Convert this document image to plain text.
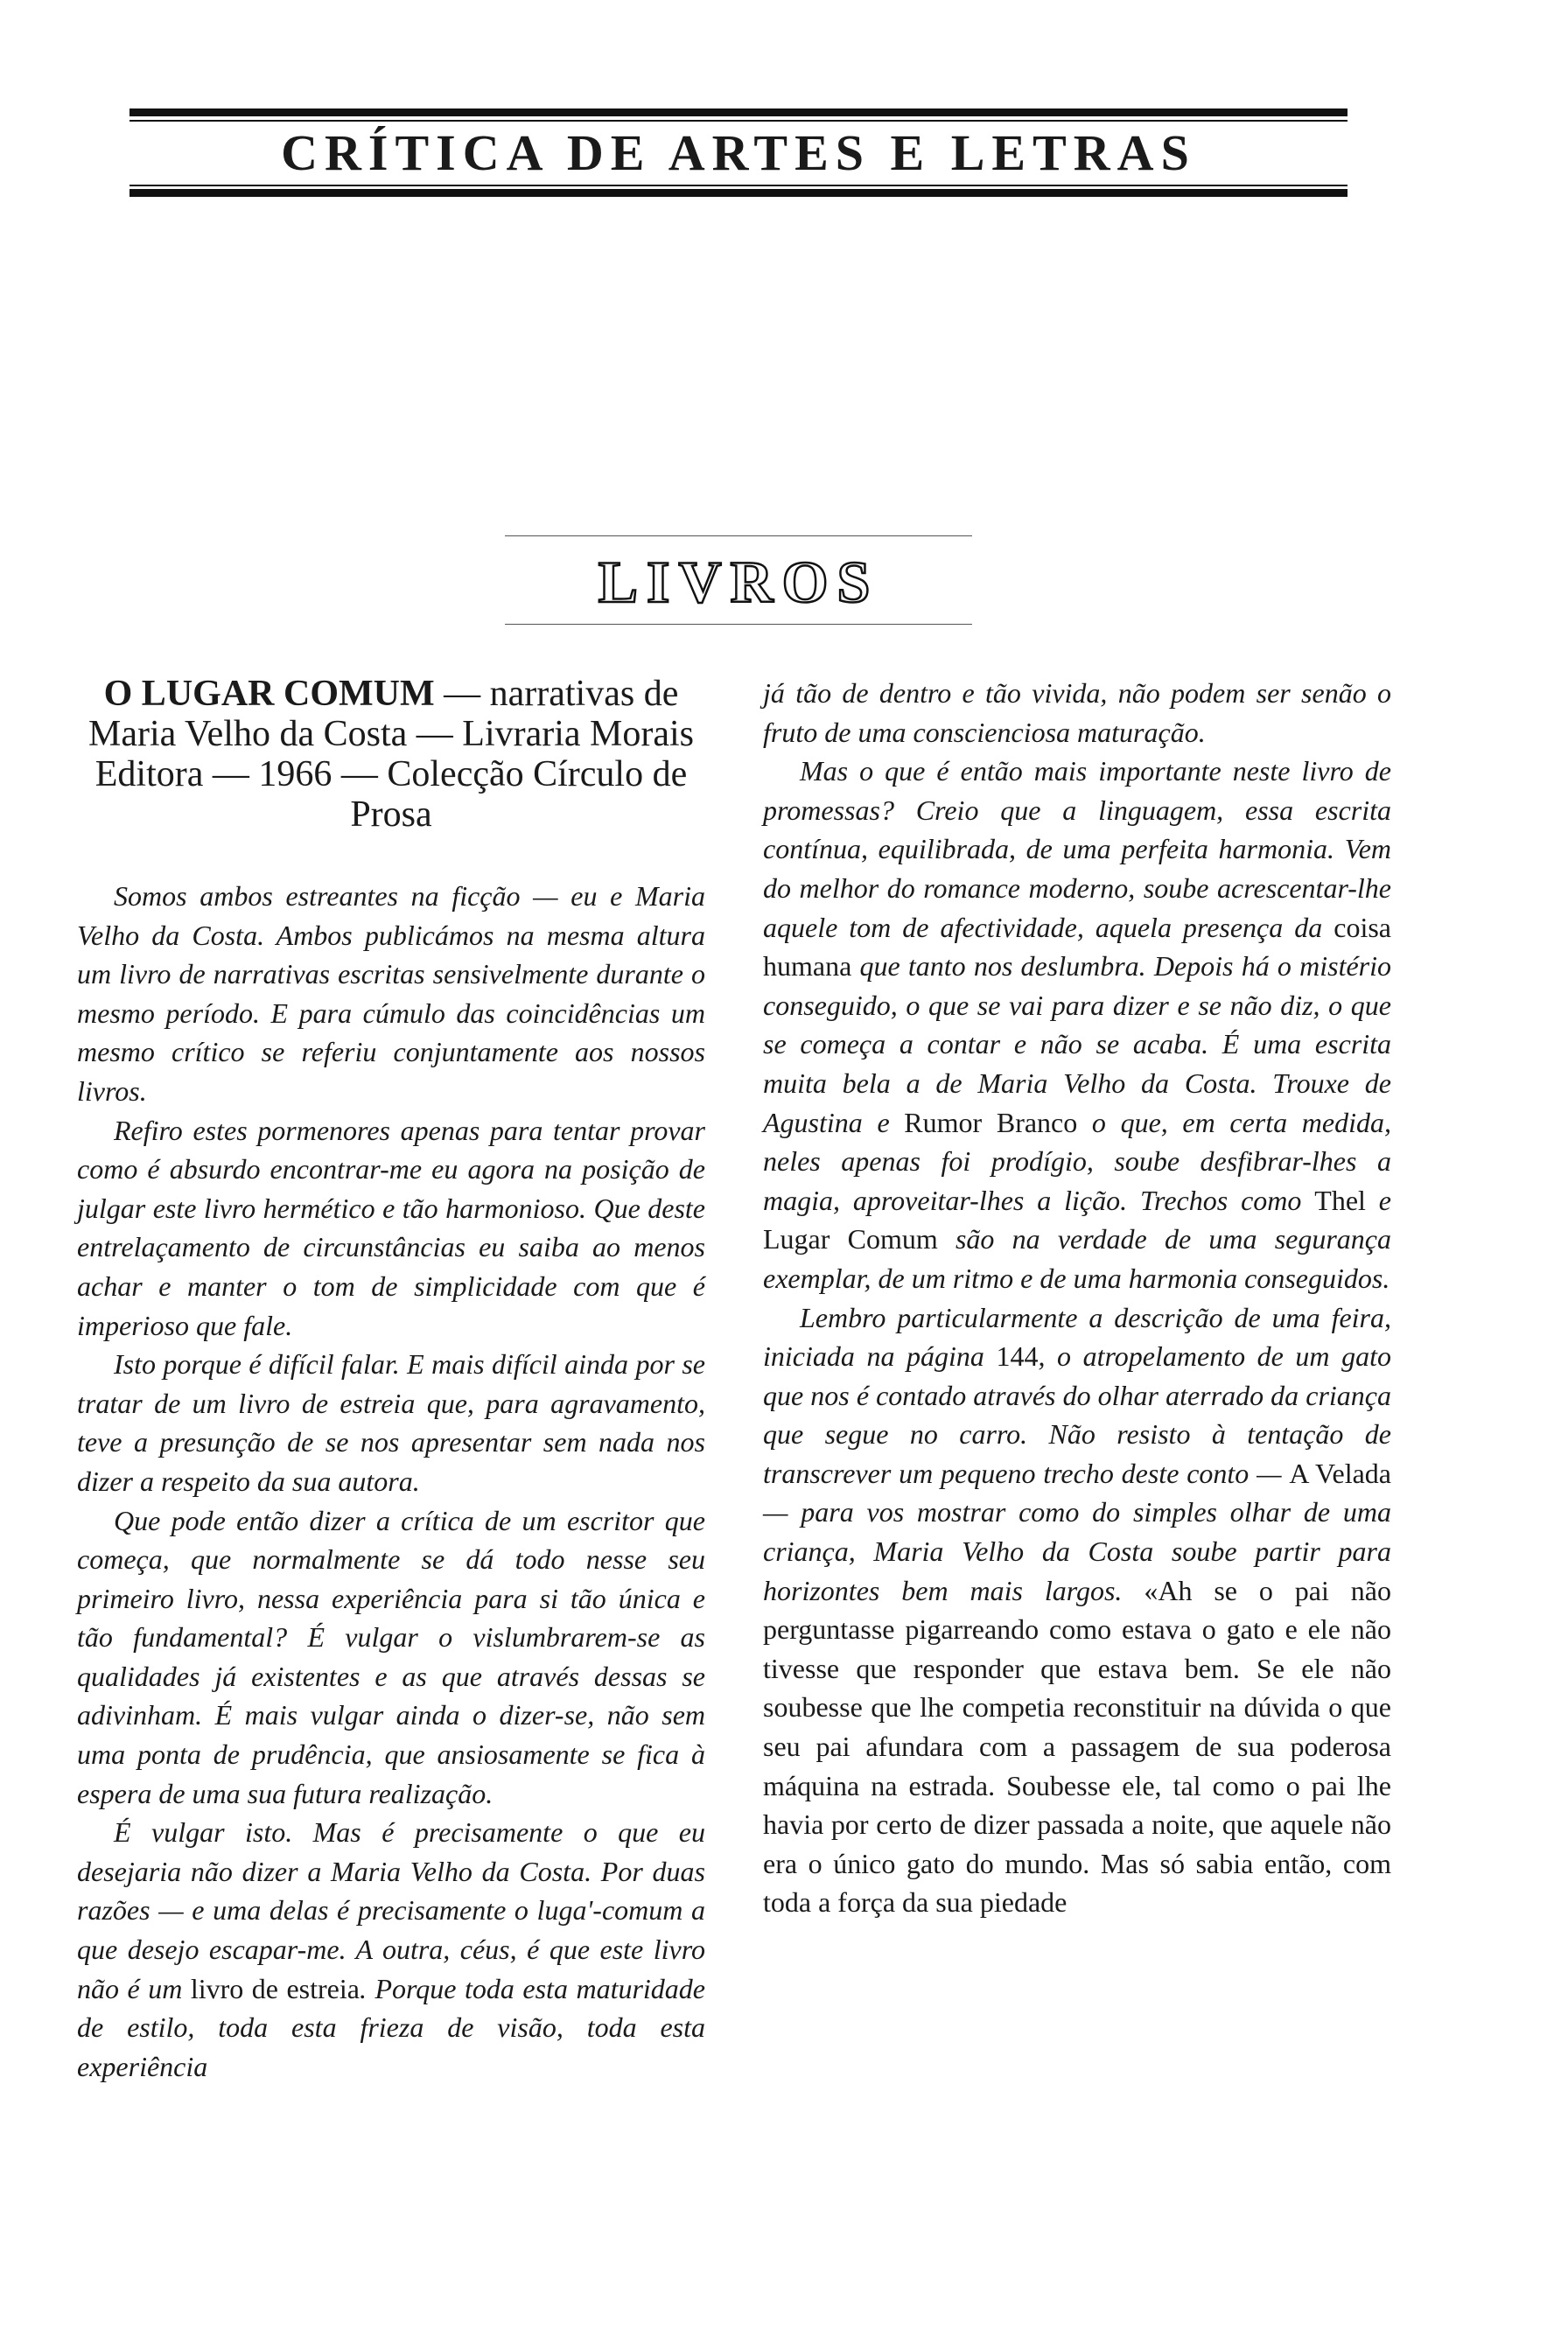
CRÍTICA DE ARTES E LETRAS
LIVROS
O LUGAR COMUM — narrativas de Maria Velho da Costa — Livraria Morais Editora — 1966 — Colecção Círculo de Prosa

Somos ambos estreantes na ficção — eu e Maria Velho da Costa. Ambos publicámos na mesma altura um livro de narrativas escritas sensivelmente durante o mesmo período. E para cúmulo das coincidências um mesmo crítico se referiu conjuntamente aos nossos livros.

Refiro estes pormenores apenas para tentar provar como é absurdo encontrar-me eu agora na posição de julgar este livro hermético e tão harmonioso. Que deste entrelaçamento de circunstâncias eu saiba ao menos achar e manter o tom de simplicidade com que é imperioso que fale.

Isto porque é difícil falar. E mais difícil ainda por se tratar de um livro de estreia que, para agravamento, teve a presunção de se nos apresentar sem nada nos dizer a respeito da sua autora.

Que pode então dizer a crítica de um escritor que começa, que normalmente se dá todo nesse seu primeiro livro, nessa experiência para si tão única e tão fundamental? É vulgar o vislumbrarem-se as qualidades já existentes e as que através dessas se adivinham. É mais vulgar ainda o dizer-se, não sem uma ponta de prudência, que ansiosamente se fica à espera de uma sua futura realização.

É vulgar isto. Mas é precisamente o que eu desejaria não dizer a Maria Velho da Costa. Por duas razões — e uma delas é precisamente o luga'-comum a que desejo escapar-me. A outra, céus, é que este livro não é um livro de estreia. Porque toda esta maturidade de estilo, toda esta frieza de visão, toda esta experiência

já tão de dentro e tão vivida, não podem ser senão o fruto de uma conscienciosa maturação.

Mas o que é então mais importante neste livro de promessas? Creio que a linguagem, essa escrita contínua, equilibrada, de uma perfeita harmonia. Vem do melhor do romance moderno, soube acrescentar-lhe aquele tom de afectividade, aquela presença da coisa humana que tanto nos deslumbra. Depois há o mistério conseguido, o que se vai para dizer e se não diz, o que se começa a contar e não se acaba. É uma escrita muita bela a de Maria Velho da Costa. Trouxe de Agustina e Rumor Branco o que, em certa medida, neles apenas foi prodígio, soube desfibrar-lhes a magia, aproveitar-lhes a lição. Trechos como Thel e Lugar Comum são na verdade de uma segurança exemplar, de um ritmo e de uma harmonia conseguidos.

Lembro particularmente a descrição de uma feira, iniciada na página 144, o atropelamento de um gato que nos é contado através do olhar aterrado da criança que segue no carro. Não resisto à tentação de transcrever um pequeno trecho deste conto — A Velada — para vos mostrar como do simples olhar de uma criança, Maria Velho da Costa soube partir para horizontes bem mais largos. «Ah se o pai não perguntasse pigarreando como estava o gato e ele não tivesse que responder que estava bem. Se ele não soubesse que lhe competia reconstituir na dúvida o que seu pai afundara com a passagem de sua poderosa máquina na estrada. Soubesse ele, tal como o pai lhe havia por certo de dizer passada a noite, que aquele não era o único gato do mundo. Mas só sabia então, com toda a força da sua piedade
